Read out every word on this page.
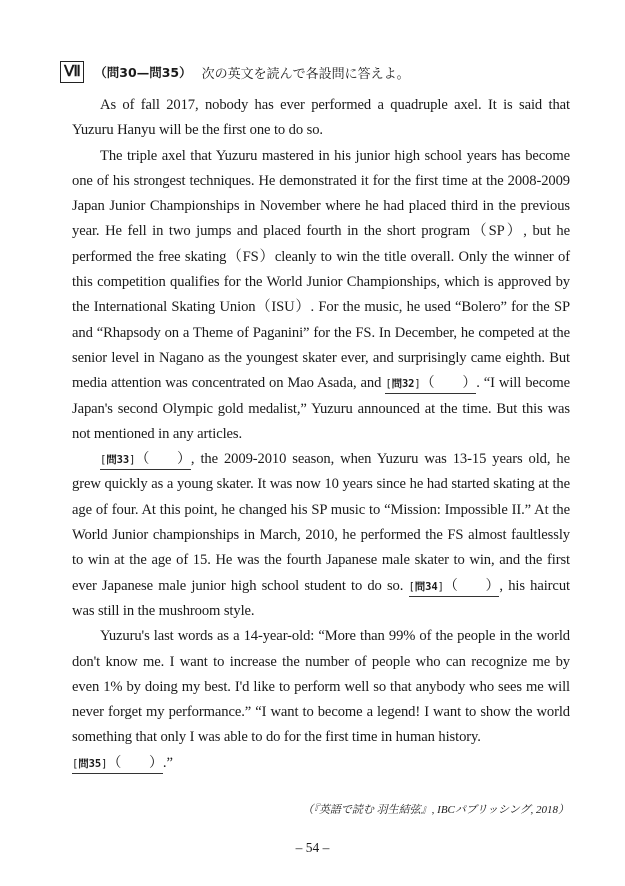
Ⅶ	（問30—問35） 次の英文を読んで各設問に答えよ。

As of fall 2017, nobody has ever performed a quadruple axel. It is said that Yuzuru Hanyu will be the first one to do so.

The triple axel that Yuzuru mastered in his junior high school years has become one of his strongest techniques. He demonstrated it for the first time at the 2008-2009 Japan Junior Championships in November where he had placed third in the previous year. He fell in two jumps and placed fourth in the short program（SP）, but he performed the free skating（FS）cleanly to win the title overall. Only the winner of this competition qualifies for the World Junior Championships, which is approved by the International Skating Union（ISU）. For the music, he used “Bolero” for the SP and “Rhapsody on a Theme of Paganini” for the FS. In December, he competed at the senior level in Nagano as the youngest skater ever, and surprisingly came eighth. But media attention was concentrated on Mao Asada, and [問32]（　　）. “I will become Japan's second Olympic gold medalist,” Yuzuru announced at the time. But this was not mentioned in any articles.

[問33]（　　）, the 2009-2010 season, when Yuzuru was 13-15 years old, he grew quickly as a young skater. It was now 10 years since he had started skating at the age of four. At this point, he changed his SP music to “Mission: Impossible II.” At the World Junior championships in March, 2010, he performed the FS almost faultlessly to win at the age of 15. He was the fourth Japanese male skater to win, and the first ever Japanese male junior high school student to do so. [問34]（　　）, his haircut was still in the mushroom style.

Yuzuru's last words as a 14-year-old: “More than 99% of the people in the world don't know me. I want to increase the number of people who can recognize me by even 1% by doing my best. I'd like to perform well so that anybody who sees me will never forget my performance.” “I want to become a legend! I want to show the world something that only I was able to do for the first time in human history.
[問35]（　　）.”

（『英語で読む 羽生結弦』, IBCパブリッシング, 2018）
– 54 –
